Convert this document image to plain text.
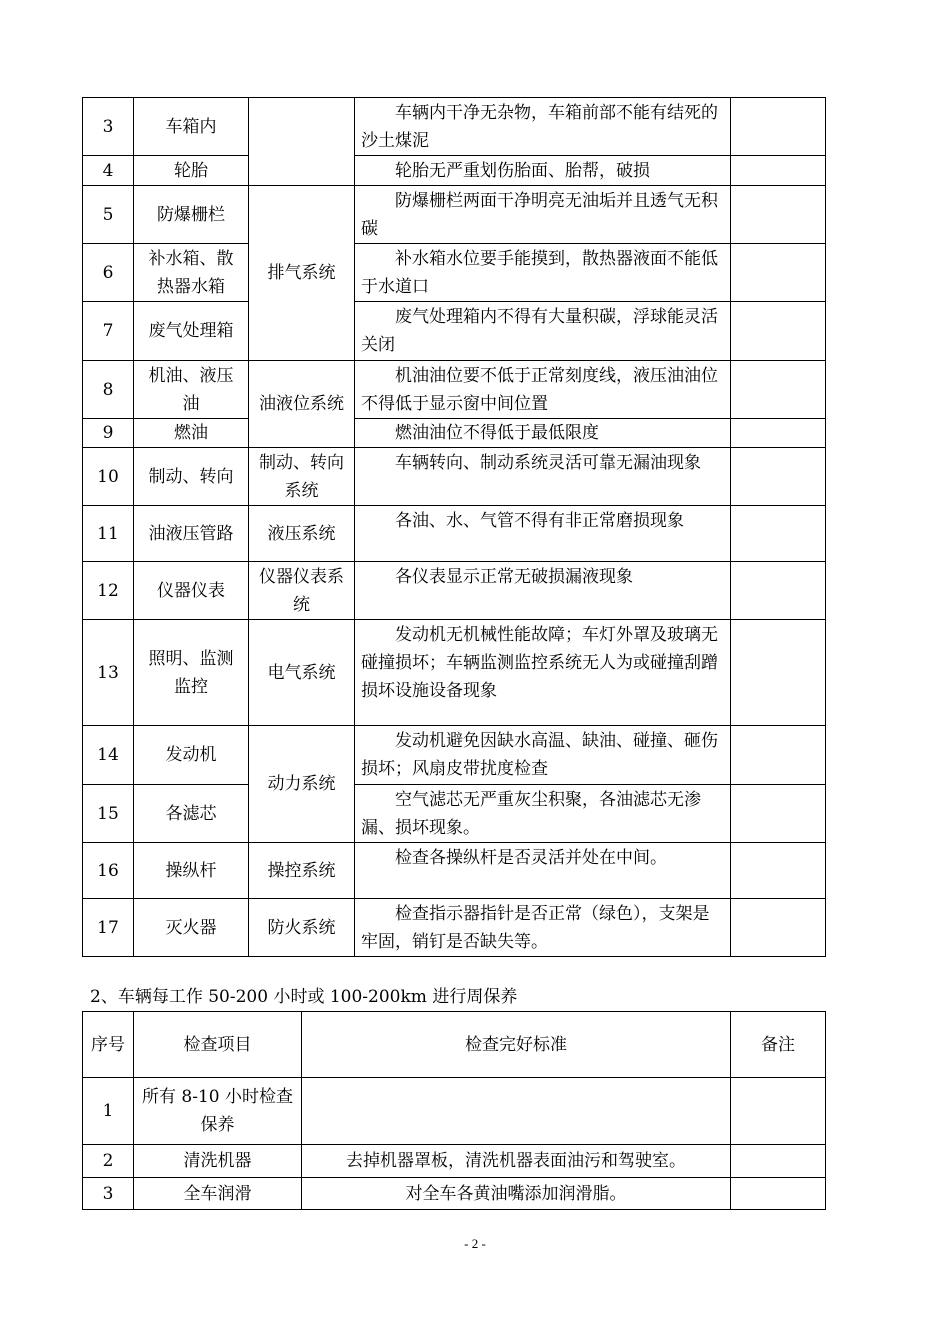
3	车箱内		车辆内干净无杂物，车箱前部不能有结死的沙土煤泥	
4	轮胎		轮胎无严重划伤胎面、胎帮，破损	
5	防爆栅栏	排气系统	防爆栅栏两面干净明亮无油垢并且透气无积碳	
6	补水箱、散热器水箱		补水箱水位要手能摸到，散热器液面不能低于水道口	
7	废气处理箱		废气处理箱内不得有大量积碳，浮球能灵活关闭	
8	机油、液压油	油液位系统	机油油位要不低于正常刻度线，液压油油位不得低于显示窗中间位置	
9	燃油		燃油油位不得低于最低限度	
10	制动、转向	制动、转向系统	车辆转向、制动系统灵活可靠无漏油现象	
11	油液压管路	液压系统	各油、水、气管不得有非正常磨损现象	
12	仪器仪表	仪器仪表系统	各仪表显示正常无破损漏液现象	
13	照明、监测监控	电气系统	发动机无机械性能故障；车灯外罩及玻璃无碰撞损坏；车辆监测监控系统无人为或碰撞刮蹭损坏设施设备现象	
14	发动机	动力系统	发动机避免因缺水高温、缺油、碰撞、砸伤损坏；风扇皮带扰度检查	
15	各滤芯		空气滤芯无严重灰尘积聚，各油滤芯无渗漏、损坏现象。	
16	操纵杆	操控系统	检查各操纵杆是否灵活并处在中间。	
17	灭火器	防火系统	检查指示器指针是否正常（绿色），支架是牢固，销钉是否缺失等。	
2、车辆每工作 50-200 小时或 100-200km 进行周保养
序号	检查项目	检查完好标准	备注
1	所有 8-10 小时检查保养		
2	清洗机器	去掉机器罩板，清洗机器表面油污和驾驶室。	
3	全车润滑	对全车各黄油嘴添加润滑脂。	
- 2 -
